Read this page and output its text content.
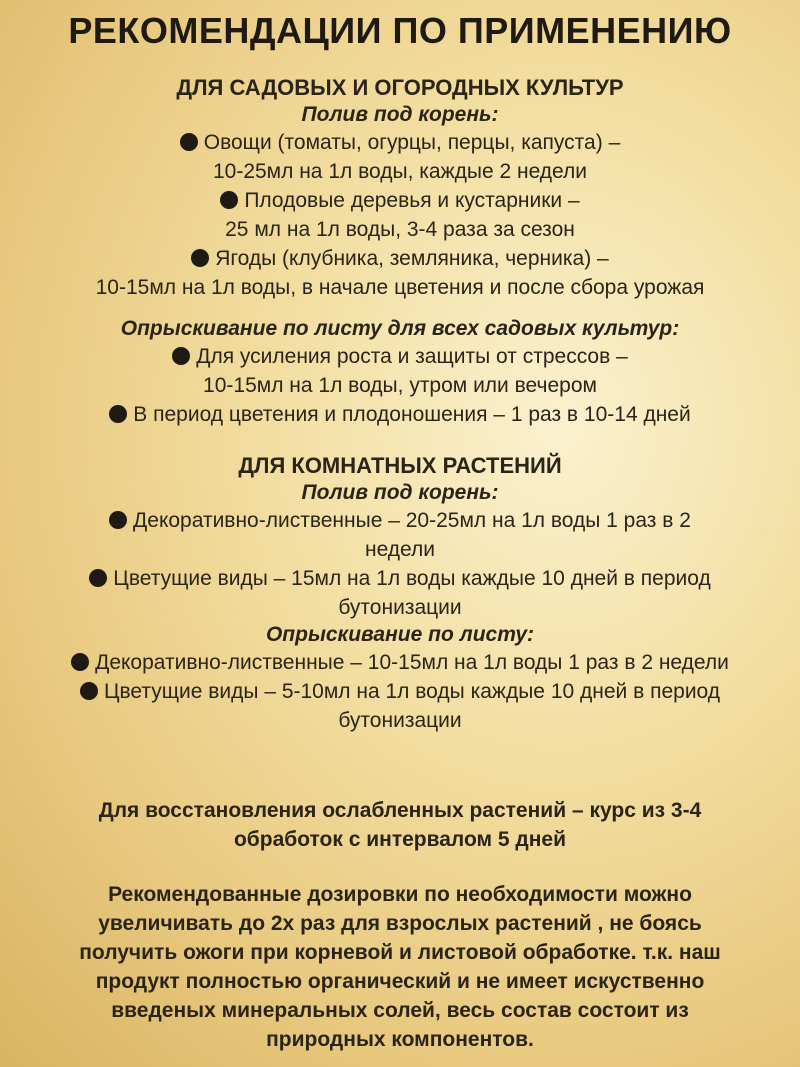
РЕКОМЕНДАЦИИ ПО ПРИМЕНЕНИЮ
ДЛЯ САДОВЫХ И ОГОРОДНЫХ КУЛЬТУР
Полив под корень:
Овощи (томаты, огурцы, перцы, капуста) –
10-25мл на 1л воды, каждые 2 недели
Плодовые деревья и кустарники –
25 мл на 1л воды, 3-4 раза за сезон
Ягоды (клубника, земляника, черника) –
10-15мл на 1л воды, в начале цветения и после сбора урожая
Опрыскивание по листу для всех садовых культур:
Для усиления роста и защиты от стрессов –
10-15мл на 1л воды, утром или вечером
В период цветения и плодоношения – 1 раз в 10-14 дней
ДЛЯ КОМНАТНЫХ РАСТЕНИЙ
Полив под корень:
Декоративно-лиственные – 20-25мл на 1л воды 1 раз в 2
недели
Цветущие виды – 15мл на 1л воды каждые 10 дней в период
бутонизации
Опрыскивание по листу:
Декоративно-лиственные – 10-15мл на 1л воды 1 раз в 2 недели
Цветущие виды – 5-10мл на 1л воды каждые 10 дней в период
бутонизации
Для восстановления ослабленных растений – курс из 3-4
обработок с интервалом 5 дней
Рекомендованные дозировки по необходимости можно
увеличивать до 2х раз для взрослых растений , не боясь
получить ожоги при корневой и листовой обработке. т.к. наш
продукт полностью органический и не имеет искуственно
введеных минеральных солей, весь состав состоит из
природных компонентов.
